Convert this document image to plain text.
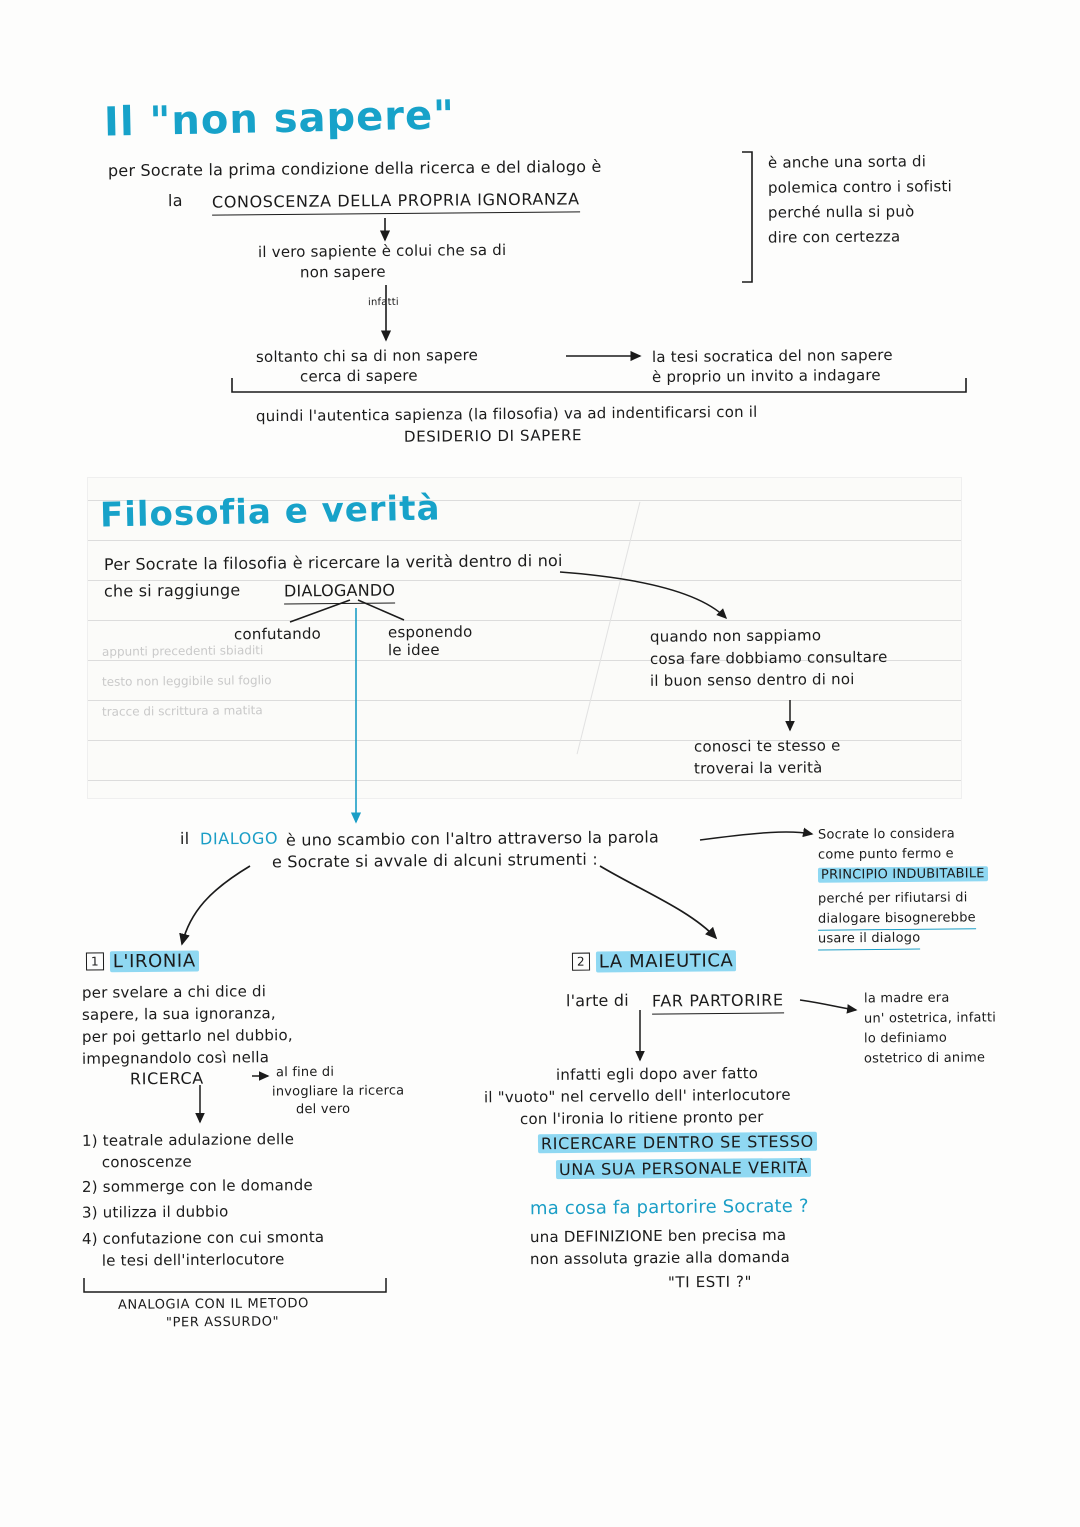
appunti precedenti sbiaditi
testo non leggibile sul foglio
tracce di scrittura a matita
Il "non sapere"
per Socrate la prima condizione della ricerca e del dialogo è
la CONOSCENZA DELLA PROPRIA IGNORANZA
il vero sapiente è colui che sa di
non sapere
infatti
soltanto chi sa di non sapere
cerca di sapere
la tesi socratica del non sapere
è proprio un invito a indagare
quindi l'autentica sapienza (la filosofia) va ad indentificarsi con il
DESIDERIO DI SAPERE
è anche una sorta di
polemica contro i sofisti
perché nulla si può
dire con certezza
Filosofia e verità
Per Socrate la filosofia è ricercare la verità dentro di noi
che si raggiunge	DIALOGANDO
confutando	esponendo
le idee
quando non sappiamo
cosa fare dobbiamo consultare
il buon senso dentro di noi
conosci te stesso e
troverai la verità
il DIALOGO è uno scambio con l'altro attraverso la parola
e Socrate si avvale di alcuni strumenti :
Socrate lo considera
come punto fermo e
PRINCIPIO INDUBITABILE
perché per rifiutarsi di
dialogare bisognerebbe
usare il dialogo
1 L'IRONIA
per svelare a chi dice di
sapere, la sua ignoranza,
per poi gettarlo nel dubbio,
impegnandolo così nella
RICERCA	al fine di
invogliare la ricerca
del vero
1) teatrale adulazione delle
conoscenze
2) sommerge con le domande
3) utilizza il dubbio
4) confutazione con cui smonta
le tesi dell'interlocutore
ANALOGIA CON IL METODO
"PER ASSURDO"
2 LA MAIEUTICA
l'arte di FAR PARTORIRE	la madre era
un' ostetrica, infatti
lo definiamo
ostetrico di anime
infatti egli dopo aver fatto
il "vuoto" nel cervello dell' interlocutore
con l'ironia lo ritiene pronto per
RICERCARE DENTRO SE STESSO
UNA SUA PERSONALE VERITÀ
ma cosa fa partorire Socrate ?
una DEFINIZIONE ben precisa ma
non assoluta grazie alla domanda
"TI ESTI ?"
